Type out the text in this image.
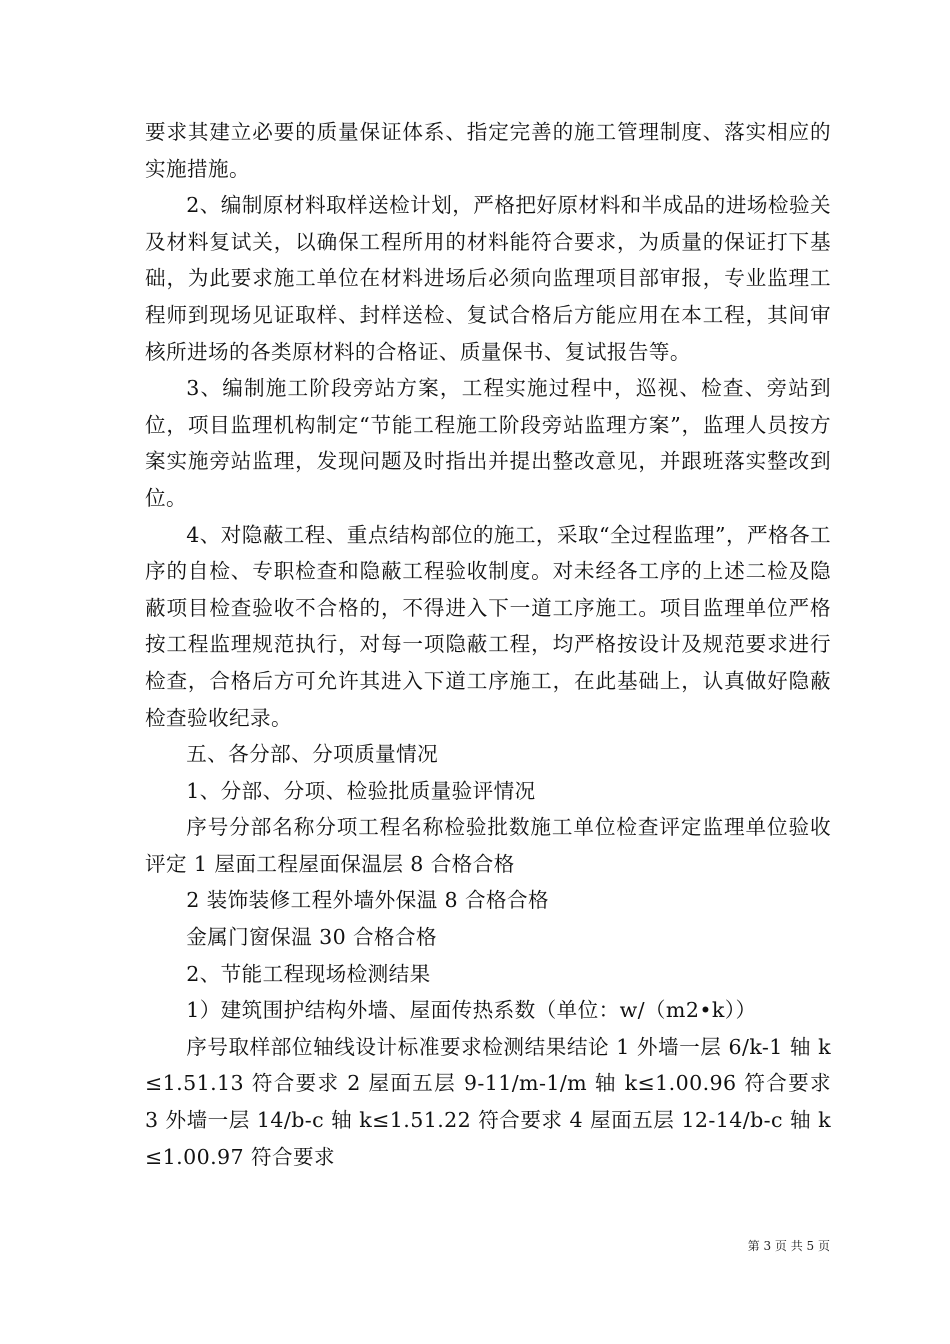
要求其建立必要的质量保证体系、指定完善的施工管理制度、落实相应的实施措施。

2、编制原材料取样送检计划，严格把好原材料和半成品的进场检验关及材料复试关，以确保工程所用的材料能符合要求，为质量的保证打下基础，为此要求施工单位在材料进场后必须向监理项目部审报，专业监理工程师到现场见证取样、封样送检、复试合格后方能应用在本工程，其间审核所进场的各类原材料的合格证、质量保书、复试报告等。

3、编制施工阶段旁站方案，工程实施过程中，巡视、检查、旁站到位，项目监理机构制定“节能工程施工阶段旁站监理方案”，监理人员按方案实施旁站监理，发现问题及时指出并提出整改意见，并跟班落实整改到位。

4、对隐蔽工程、重点结构部位的施工，采取“全过程监理”，严格各工序的自检、专职检查和隐蔽工程验收制度。对未经各工序的上述二检及隐蔽项目检查验收不合格的，不得进入下一道工序施工。项目监理单位严格按工程监理规范执行，对每一项隐蔽工程，均严格按设计及规范要求进行检查，合格后方可允许其进入下道工序施工，在此基础上，认真做好隐蔽检查验收纪录。

五、各分部、分项质量情况

1、分部、分项、检验批质量验评情况

序号分部名称分项工程名称检验批数施工单位检查评定监理单位验收评定 1 屋面工程屋面保温层 8 合格合格

2 装饰装修工程外墙外保温 8 合格合格

金属门窗保温 30 合格合格

2、节能工程现场检测结果

1）建筑围护结构外墙、屋面传热系数（单位：w/（m2•k））

序号取样部位轴线设计标准要求检测结果结论 1 外墙一层 6/k-1 轴 k≤1.51.13 符合要求 2 屋面五层 9-11/m-1/m 轴 k≤1.00.96 符合要求 3 外墙一层 14/b-c 轴 k≤1.51.22 符合要求 4 屋面五层 12-14/b-c 轴 k≤1.00.97 符合要求

第 3 页 共 5 页
